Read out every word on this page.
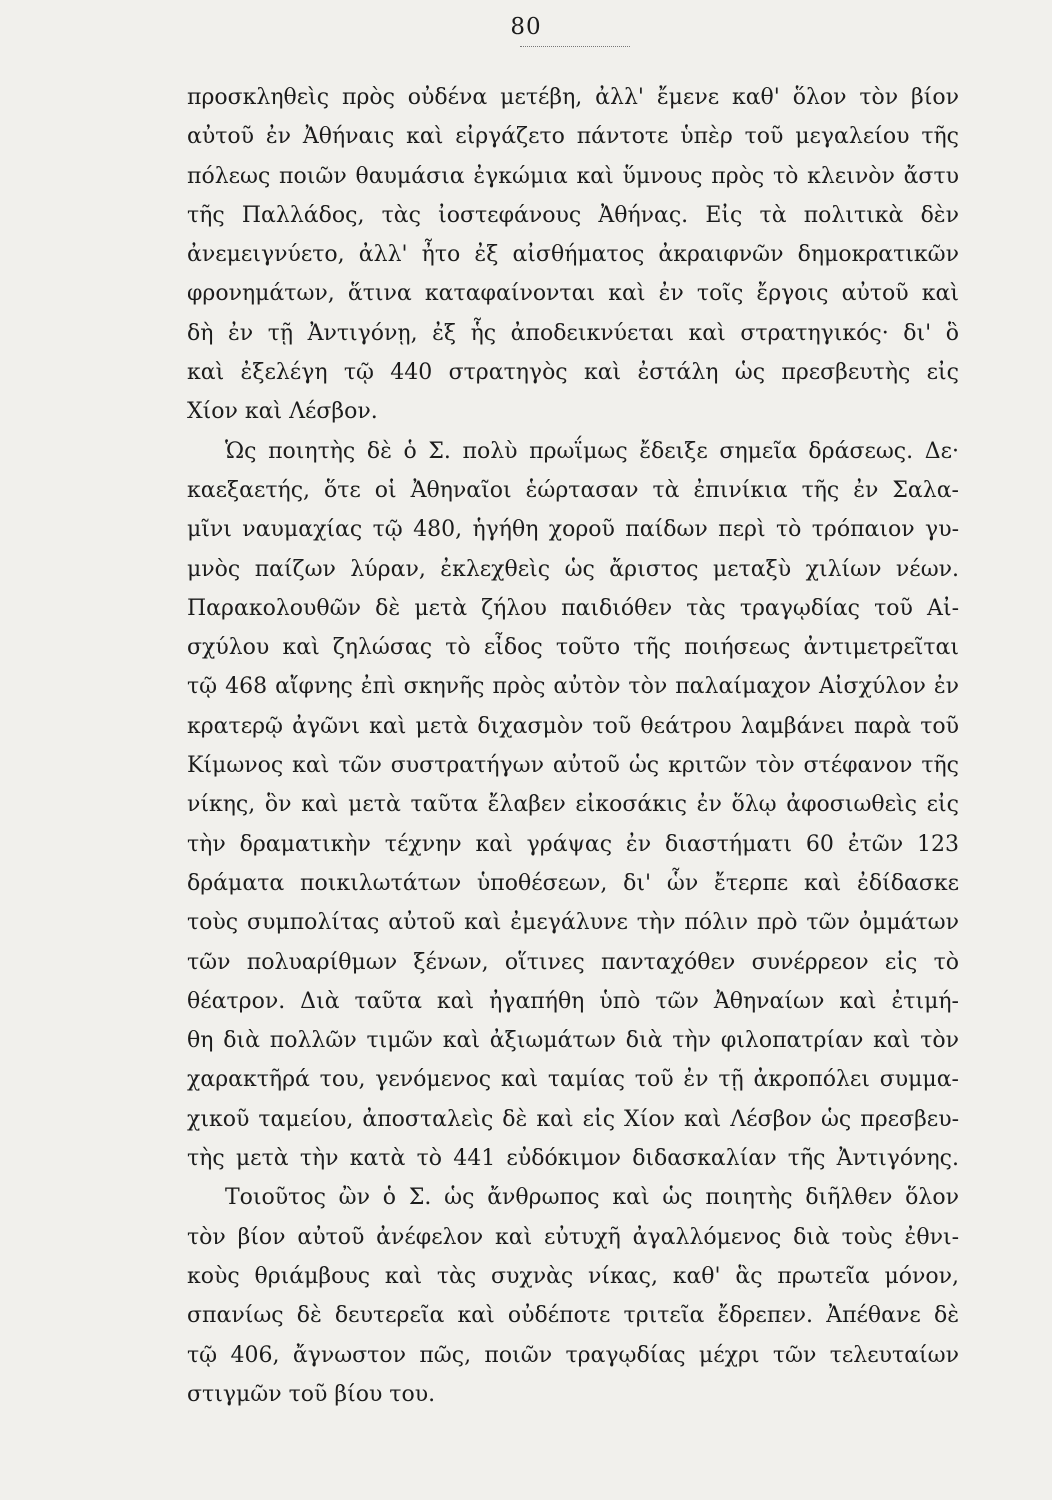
80
προσκληθεὶς πρὸς οὐδένα μετέβη, ἀλλ' ἔμενε καθ' ὅλον τὸν βίον
αὐτοῦ ἐν Ἀθήναις καὶ εἰργάζετο πάντοτε ὑπὲρ τοῦ μεγαλείου τῆς
πόλεως ποιῶν θαυμάσια ἐγκώμια καὶ ὕμνους πρὸς τὸ κλεινὸν ἄστυ
τῆς Παλλάδος, τὰς ἰοστεφάνους Ἀθήνας. Εἰς τὰ πολιτικὰ δὲν
ἀνεμειγνύετο, ἀλλ' ἦτο ἐξ αἰσθήματος ἀκραιφνῶν δημοκρατικῶν
φρονημάτων, ἅτινα καταφαίνονται καὶ ἐν τοῖς ἔργοις αὐτοῦ καὶ
δὴ ἐν τῇ Ἀντιγόνῃ, ἐξ ἧς ἀποδεικνύεται καὶ στρατηγικός· δι' ὃ
καὶ ἐξελέγη τῷ 440 στρατηγὸς καὶ ἐστάλη ὡς πρεσβευτὴς εἰς
Χίον καὶ Λέσβον.
Ὡς ποιητὴς δὲ ὁ Σ. πολὺ πρωΐμως ἔδειξε σημεῖα δράσεως. Δε·
καεξαετής, ὅτε οἱ Ἀθηναῖοι ἑώρτασαν τὰ ἐπινίκια τῆς ἐν Σαλα-
μῖνι ναυμαχίας τῷ 480, ἡγήθη χοροῦ παίδων περὶ τὸ τρόπαιον γυ-
μνὸς παίζων λύραν, ἐκλεχθεὶς ὡς ἄριστος μεταξὺ χιλίων νέων.
Παρακολουθῶν δὲ μετὰ ζήλου παιδιόθεν τὰς τραγῳδίας τοῦ Αἰ-
σχύλου καὶ ζηλώσας τὸ εἶδος τοῦτο τῆς ποιήσεως ἀντιμετρεῖται
τῷ 468 αἴφνης ἐπὶ σκηνῆς πρὸς αὐτὸν τὸν παλαίμαχον Αἰσχύλον ἐν
κρατερῷ ἀγῶνι καὶ μετὰ διχασμὸν τοῦ θεάτρου λαμβάνει παρὰ τοῦ
Κίμωνος καὶ τῶν συστρατήγων αὐτοῦ ὡς κριτῶν τὸν στέφανον τῆς
νίκης, ὃν καὶ μετὰ ταῦτα ἔλαβεν εἰκοσάκις ἐν ὅλῳ ἀφοσιωθεὶς εἰς
τὴν δραματικὴν τέχνην καὶ γράψας ἐν διαστήματι 60 ἐτῶν 123
δράματα ποικιλωτάτων ὑποθέσεων, δι' ὧν ἔτερπε καὶ ἐδίδασκε
τοὺς συμπολίτας αὐτοῦ καὶ ἐμεγάλυνε τὴν πόλιν πρὸ τῶν ὀμμάτων
τῶν πολυαρίθμων ξένων, οἵτινες πανταχόθεν συνέρρεον εἰς τὸ
θέατρον. Διὰ ταῦτα καὶ ἠγαπήθη ὑπὸ τῶν Ἀθηναίων καὶ ἐτιμή-
θη διὰ πολλῶν τιμῶν καὶ ἀξιωμάτων διὰ τὴν φιλοπατρίαν καὶ τὸν
χαρακτῆρά του, γενόμενος καὶ ταμίας τοῦ ἐν τῇ ἀκροπόλει συμμα-
χικοῦ ταμείου, ἀποσταλεὶς δὲ καὶ εἰς Χίον καὶ Λέσβον ὡς πρεσβευ-
τὴς μετὰ τὴν κατὰ τὸ 441 εὐδόκιμον διδασκαλίαν τῆς Ἀντιγόνης.
Τοιοῦτος ὢν ὁ Σ. ὡς ἄνθρωπος καὶ ὡς ποιητὴς διῆλθεν ὅλον
τὸν βίον αὐτοῦ ἀνέφελον καὶ εὐτυχῆ ἀγαλλόμενος διὰ τοὺς ἐθνι-
κοὺς θριάμβους καὶ τὰς συχνὰς νίκας, καθ' ἃς πρωτεῖα μόνον,
σπανίως δὲ δευτερεῖα καὶ οὐδέποτε τριτεῖα ἔδρεπεν. Ἀπέθανε δὲ
τῷ 406, ἄγνωστον πῶς, ποιῶν τραγῳδίας μέχρι τῶν τελευταίων
στιγμῶν τοῦ βίου του.
